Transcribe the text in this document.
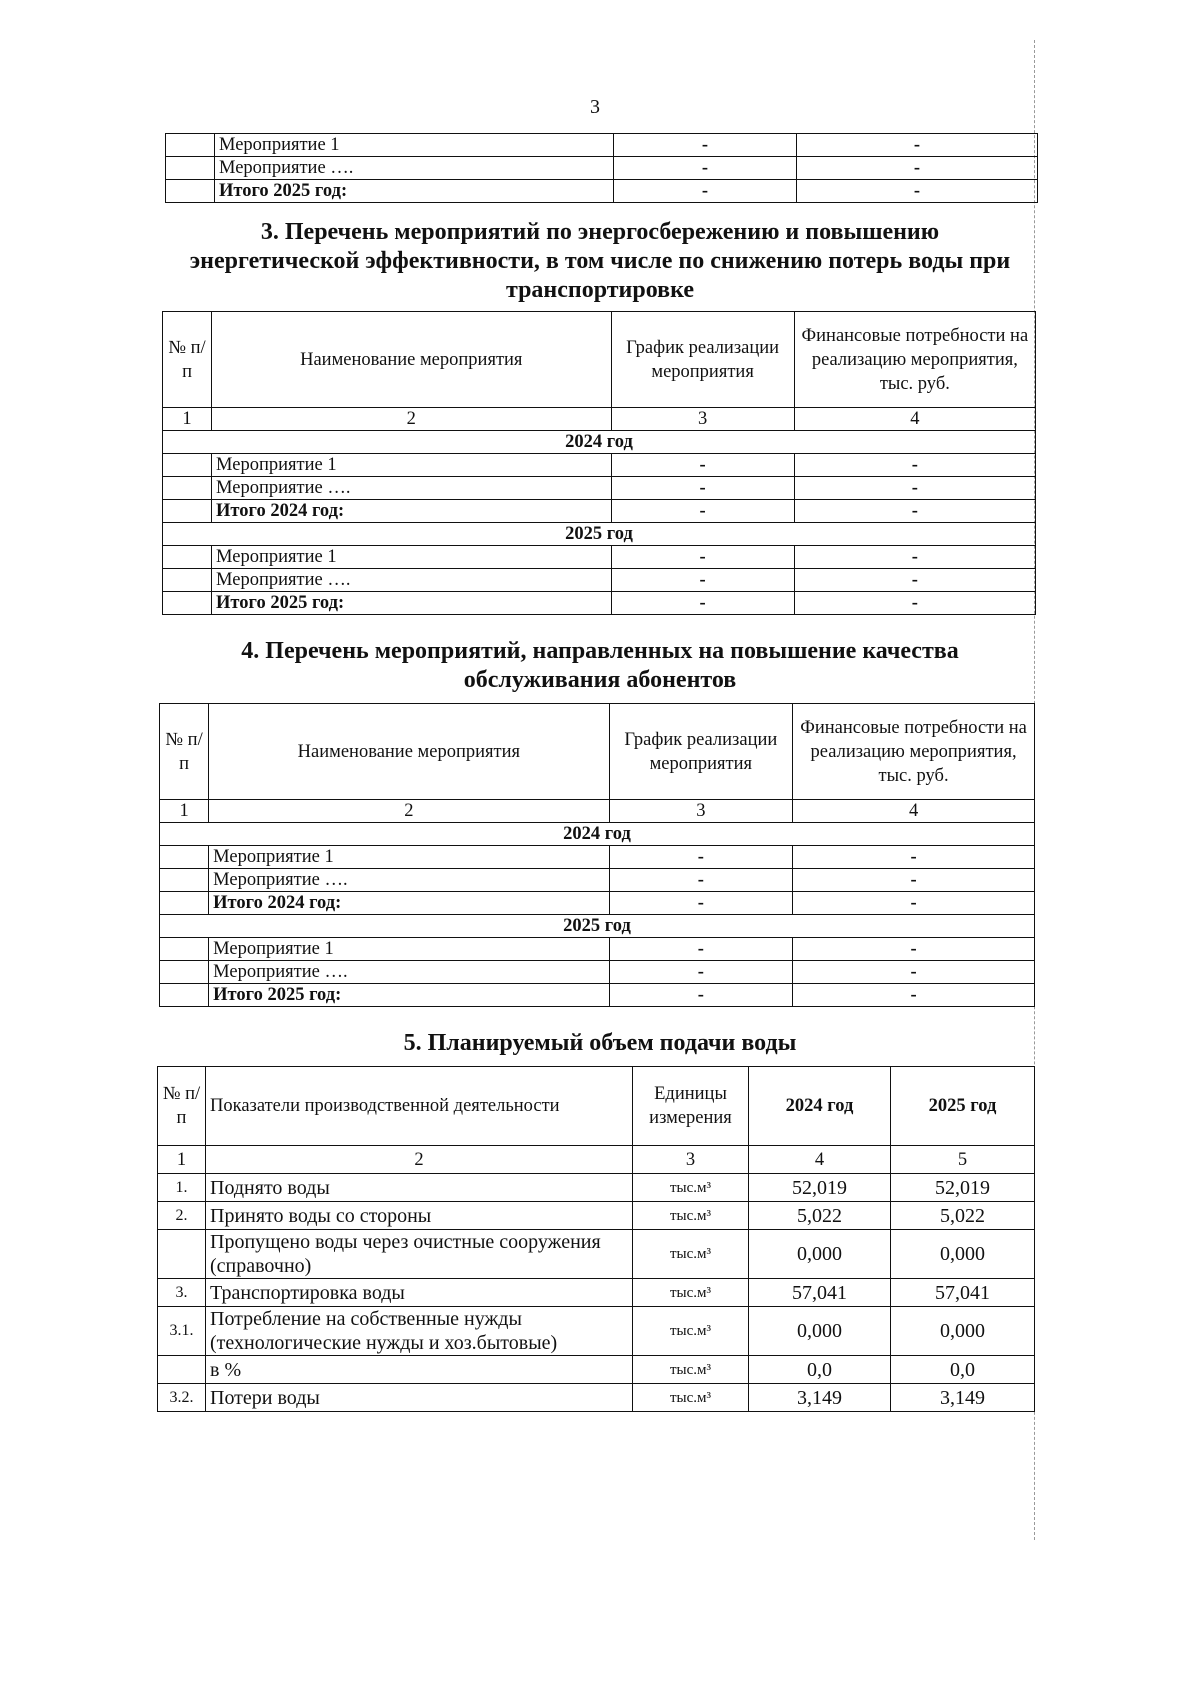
3
	Мероприятие 1	-	-
	Мероприятие ….	-	-
	Итого 2025 год:	-	-
3. Перечень мероприятий по энергосбережению и повышению
энергетической эффективности, в том числе по снижению потерь воды при
транспортировке
№ п/п	Наименование мероприятия	График реализации мероприятия	Финансовые потребности на реализацию мероприятия, тыс. руб.
1	2	3	4
2024 год			
	Мероприятие 1	-	-
	Мероприятие ….	-	-
	Итого 2024 год:	-	-
2025 год			
	Мероприятие 1	-	-
	Мероприятие ….	-	-
	Итого 2025 год:	-	-
4. Перечень мероприятий, направленных на повышение качества
обслуживания абонентов
№ п/п	Наименование мероприятия	График реализации мероприятия	Финансовые потребности на реализацию мероприятия, тыс. руб.
1	2	3	4
2024 год			
	Мероприятие 1	-	-
	Мероприятие ….	-	-
	Итого 2024 год:	-	-
2025 год			
	Мероприятие 1	-	-
	Мероприятие ….	-	-
	Итого 2025 год:	-	-
5. Планируемый объем подачи воды
№ п/п	Показатели производственной деятельности	Единицы измерения	2024 год	2025 год
1	2	3	4	5
1.	Поднято воды	тыс.м³	52,019	52,019
2.	Принято воды со стороны	тыс.м³	5,022	5,022
	Пропущено воды через очистные сооружения (справочно)	тыс.м³	0,000	0,000
3.	Транспортировка воды	тыс.м³	57,041	57,041
3.1.	Потребление на собственные нужды (технологические нужды и хоз.бытовые)	тыс.м³	0,000	0,000
	в %	тыс.м³	0,0	0,0
3.2.	Потери воды	тыс.м³	3,149	3,149
